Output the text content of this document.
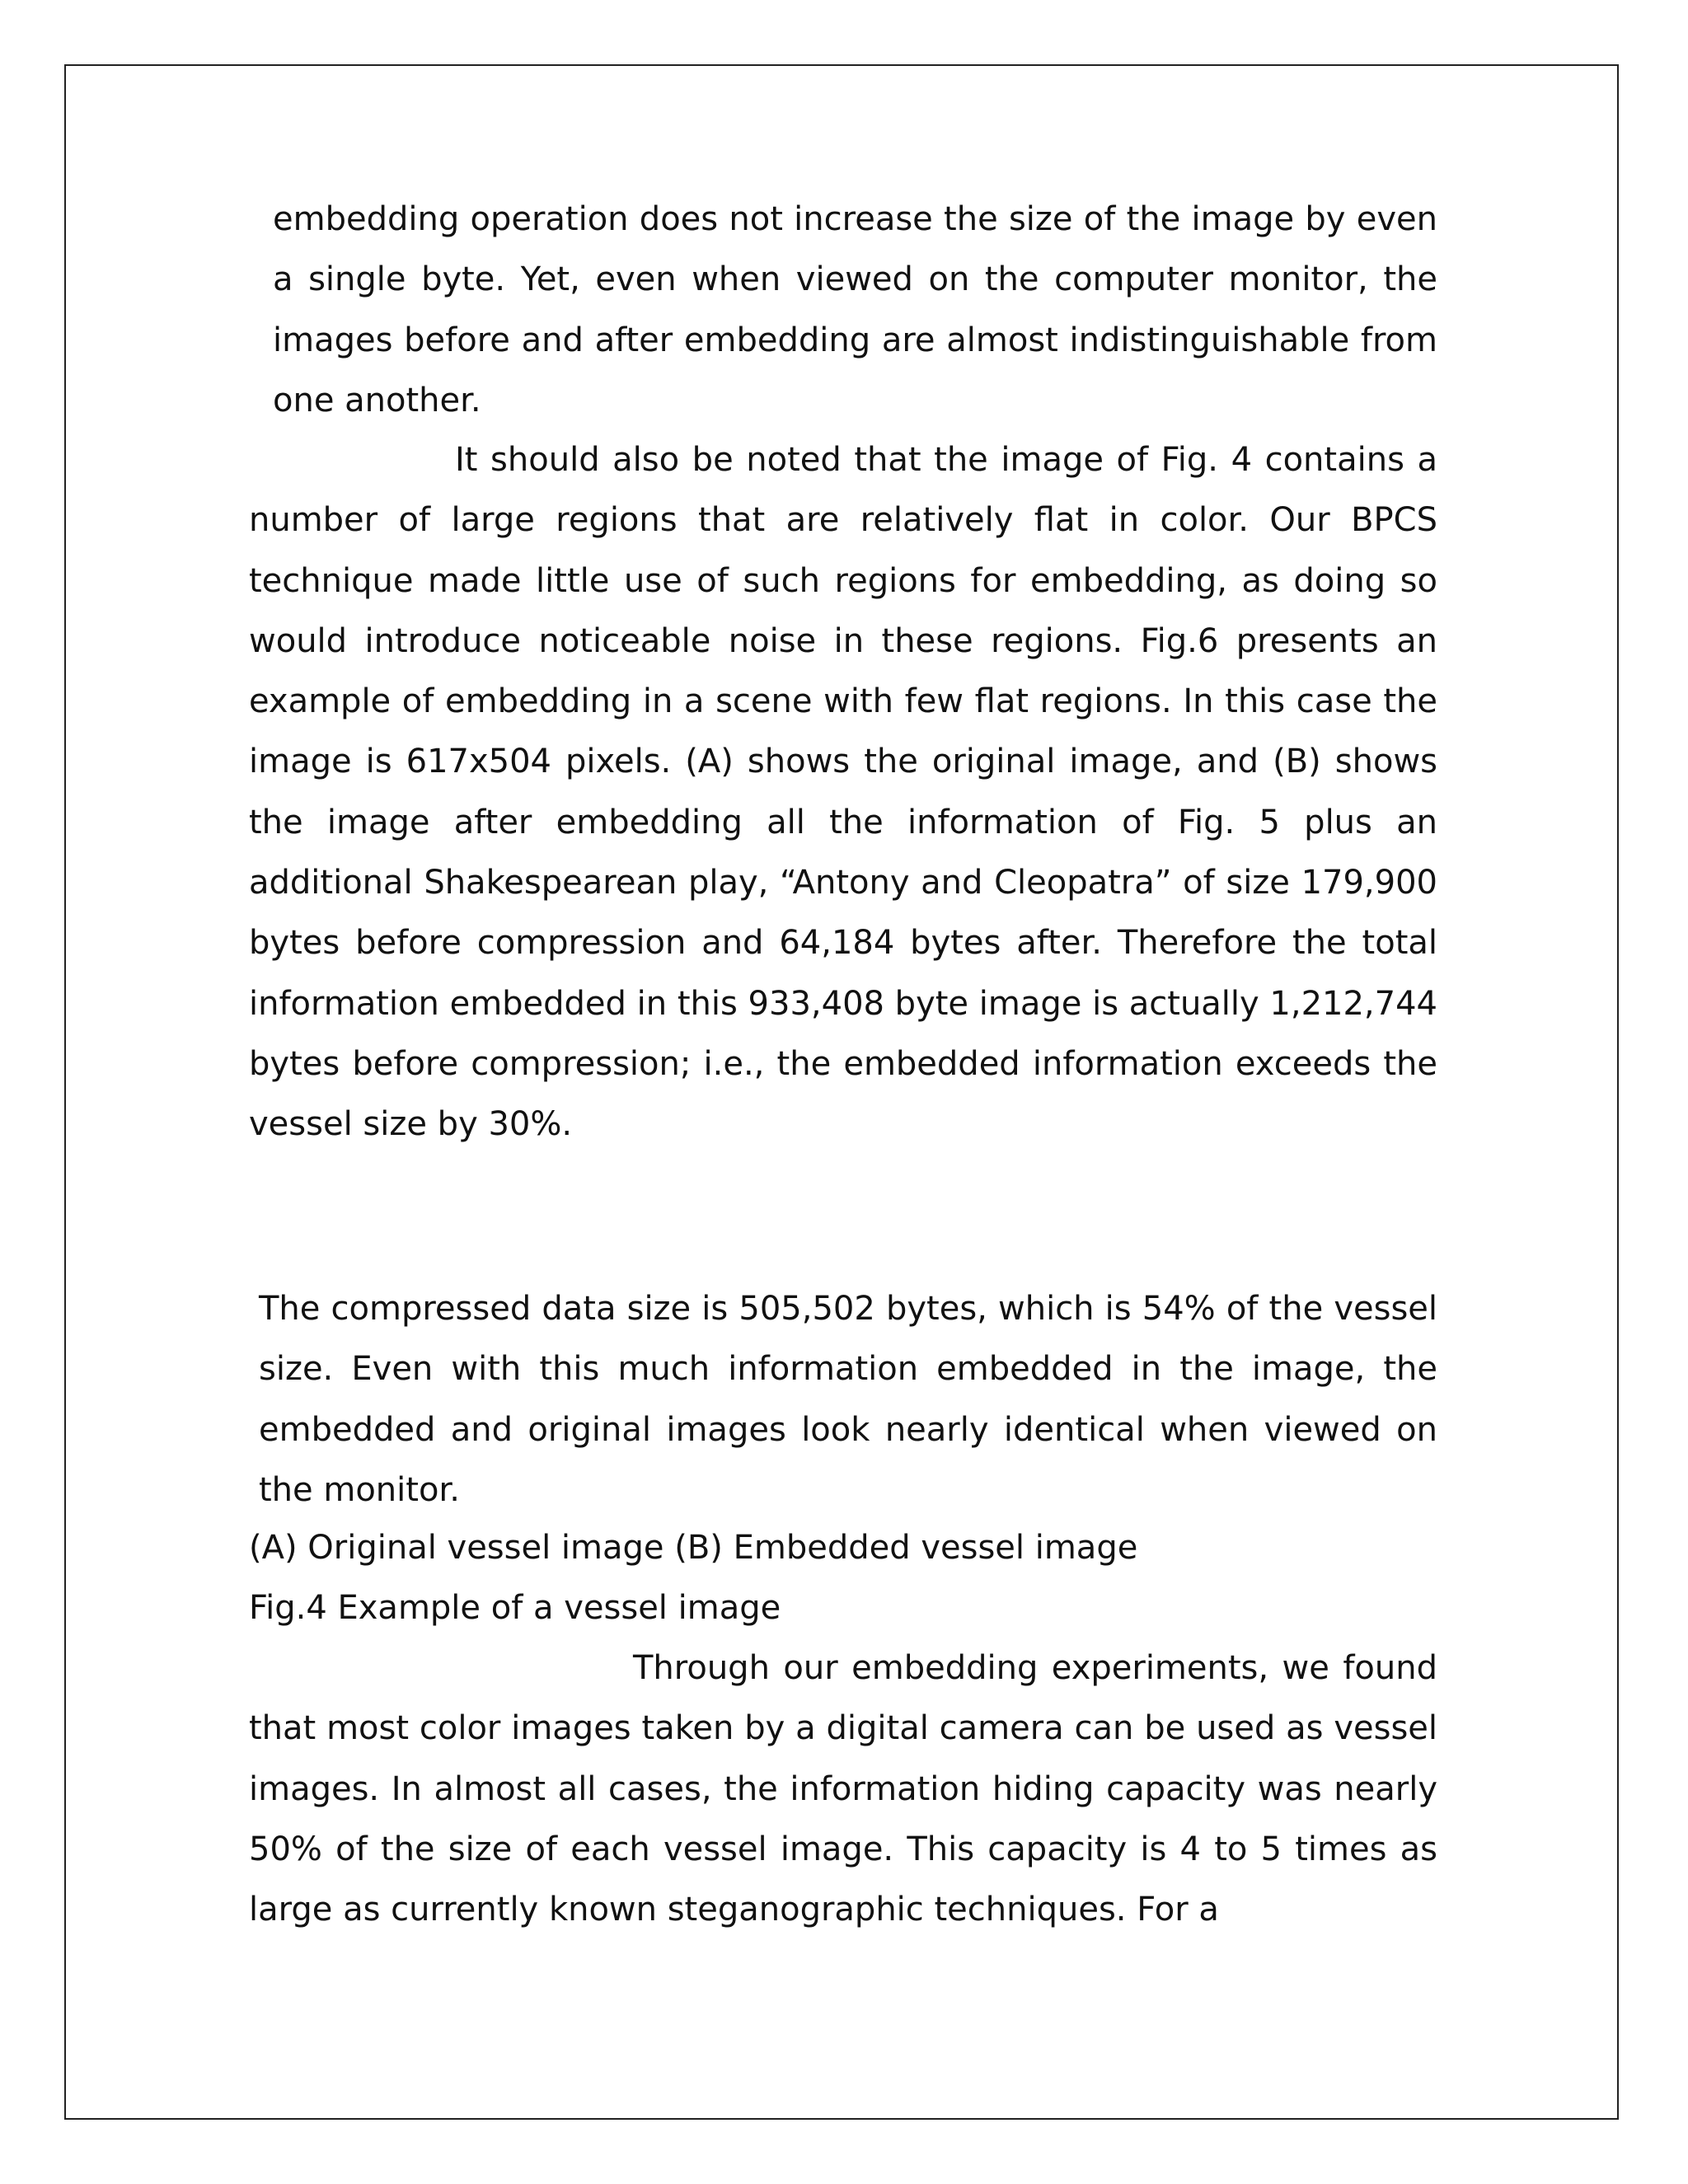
embedding operation does not increase the size of the image by even a single byte. Yet, even when viewed on the computer monitor, the images before and after embedding are almost indistinguishable from one another.

It should also be noted that the image of Fig. 4 contains a number of large regions that are relatively flat in color. Our BPCS technique made little use of such regions for embedding, as doing so would introduce noticeable noise in these regions. Fig.6 presents an example of embedding in a scene with few flat regions. In this case the image is 617x504 pixels. (A) shows the original image, and (B) shows the image after embedding all the information of Fig. 5 plus an additional Shakespearean play, “Antony and Cleopatra” of size 179,900 bytes before compression and 64,184 bytes after. Therefore the total information embedded in this 933,408 byte image is actually 1,212,744 bytes before compression; i.e., the embedded information exceeds the vessel size by 30%.

The compressed data size is 505,502 bytes, which is 54% of the vessel size. Even with this much information embedded in the image, the embedded and original images look nearly identical when viewed on the monitor.

(A) Original vessel image (B) Embedded vessel image

Fig.4 Example of a vessel image

Through our embedding experiments, we found that most color images taken by a digital camera can be used as vessel images. In almost all cases, the information hiding capacity was nearly 50% of the size of each vessel image. This capacity is 4 to 5 times as large as currently known steganographic techniques. For a
